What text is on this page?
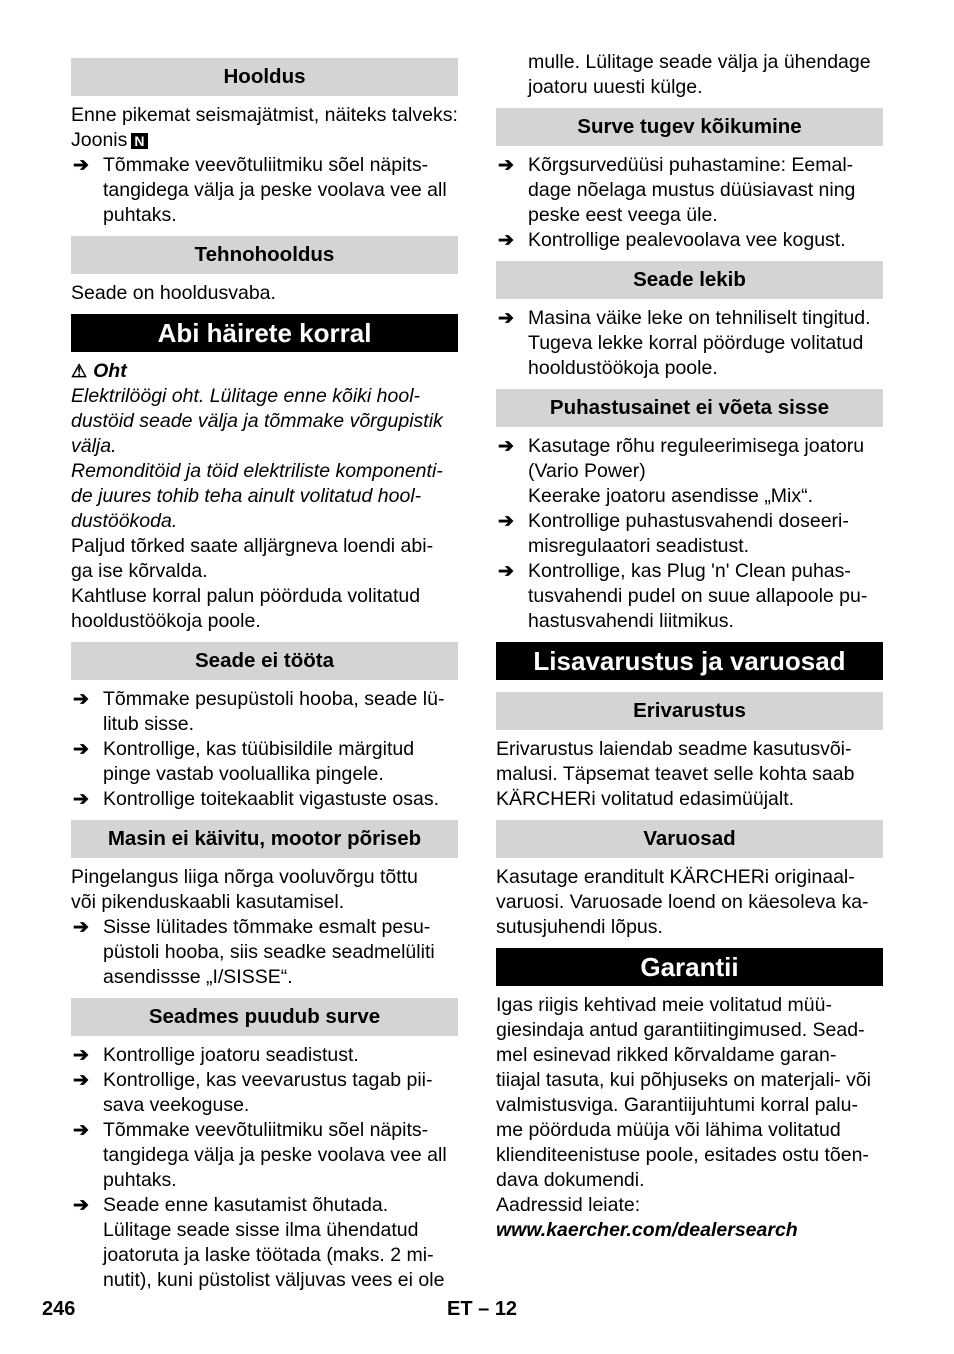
Hooldus

Enne pikemat seismajätmist, näiteks talveks:

Joonis N

➔ Tõmmake veevõtuliitmiku sõel näpits-
tangidega välja ja peske voolava vee all
puhtaks.
Tehnohooldus

Seade on hooldusvaba.

Abi häirete korral

⚠ Oht

Elektrilöögi oht. Lülitage enne kõiki hool-
dustöid seade välja ja tõmmake võrgupistik
välja.

Remonditöid ja töid elektriliste komponenti-
de juures tohib teha ainult volitatud hool-
dustöökoda.

Paljud tõrked saate alljärgneva loendi abi-
ga ise kõrvalda.

Kahtluse korral palun pöörduda volitatud
hooldustöökoja poole.

Seade ei tööta
➔ Tõmmake pesupüstoli hooba, seade lü-
litub sisse.
➔ Kontrollige, kas tüübisildile märgitud
pinge vastab vooluallika pingele.
➔ Kontrollige toitekaablit vigastuste osas.
Masin ei käivitu, mootor põriseb

Pingelangus liiga nõrga vooluvõrgu tõttu
või pikenduskaabli kasutamisel.

➔ Sisse lülitades tõmmake esmalt pesu-
püstoli hooba, siis seadke seadmelüliti
asendissse „I/SISSE“.
Seadmes puudub surve
➔ Kontrollige joatoru seadistust.
➔ Kontrollige, kas veevarustus tagab pii-
sava veekoguse.
➔ Tõmmake veevõtuliitmiku sõel näpits-
tangidega välja ja peske voolava vee all
puhtaks.
➔ Seade enne kasutamist õhutada.
Lülitage seade sisse ilma ühendatud
joatoruta ja laske töötada (maks. 2 mi-
nutit), kuni püstolist väljuvas vees ei ole
mulle. Lülitage seade välja ja ühendage
joatoru uuesti külge.
Surve tugev kõikumine
➔ Kõrgsurvedüüsi puhastamine: Eemal-
dage nõelaga mustus düüsiavast ning
peske eest veega üle.
➔ Kontrollige pealevoolava vee kogust.
Seade lekib
➔ Masina väike leke on tehniliselt tingitud.
Tugeva lekke korral pöörduge volitatud
hooldustöökoja poole.
Puhastusainet ei võeta sisse
➔ Kasutage rõhu reguleerimisega joatoru
(Vario Power)
Keerake joatoru asendisse „Mix“.
➔ Kontrollige puhastusvahendi doseeri-
misregulaatori seadistust.
➔ Kontrollige, kas Plug 'n' Clean puhas-
tusvahendi pudel on suue allapoole pu-
hastusvahendi liitmikus.
Lisavarustus ja varuosad
Erivarustus

Erivarustus laiendab seadme kasutusvõi-
malusi. Täpsemat teavet selle kohta saab
KÄRCHERi volitatud edasimüüjalt.

Varuosad

Kasutage eranditult KÄRCHERi originaal-
varuosi. Varuosade loend on käesoleva ka-
sutusjuhendi lõpus.

Garantii

Igas riigis kehtivad meie volitatud müü-
giesindaja antud garantiitingimused. Sead-
mel esinevad rikked kõrvaldame garan-
tiiajal tasuta, kui põhjuseks on materjali- või
valmistusviga. Garantiijuhtumi korral palu-
me pöörduda müüja või lähima volitatud
klienditeenistuse poole, esitades ostu tõen-
dava dokumendi.

Aadressid leiate:

www.kaercher.com/dealersearch

246	ET – 12
